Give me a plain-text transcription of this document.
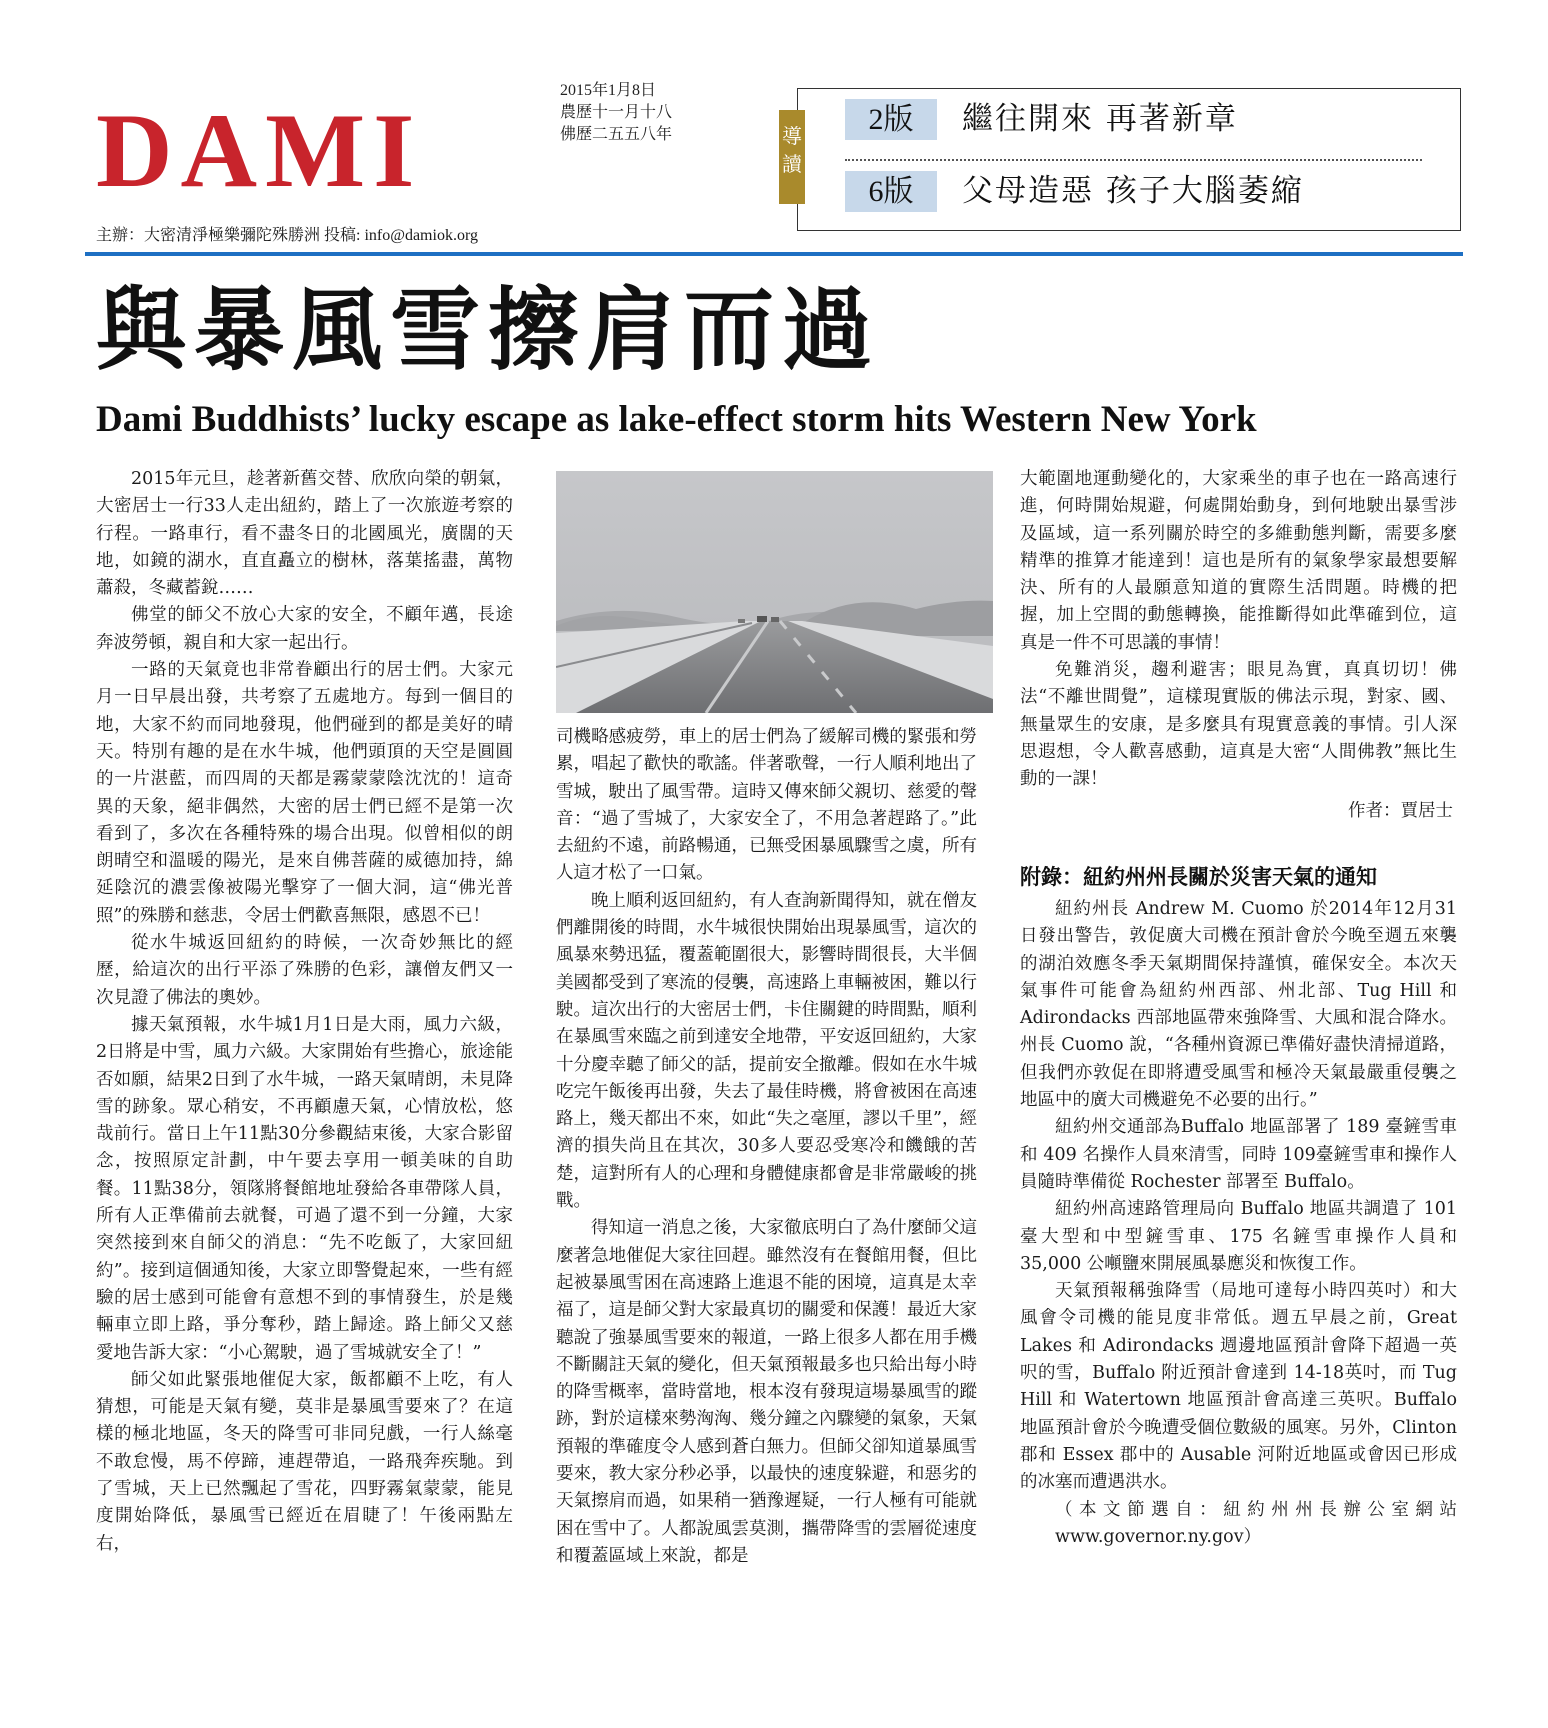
DAMI
2015年1月8日
農歷十一月十八
佛歷二五五八年

主辦：大密清淨極樂彌陀殊勝洲 投稿: info@damiok.org

導
讀
2版	繼往開來 再著新章
6版	父母造惡 孩子大腦萎縮
與暴風雪擦肩而過
Dami Buddhists’ lucky escape as lake-effect storm hits Western New York

2015年元旦，趁著新舊交替、欣欣向榮的朝氣，大密居士一行33人走出紐約，踏上了一次旅遊考察的行程。一路車行，看不盡冬日的北國風光，廣闊的天地，如鏡的湖水，直直矗立的樹林，落葉搖盡，萬物蕭殺，冬藏蓄銳……

佛堂的師父不放心大家的安全，不顧年邁，長途奔波勞頓，親自和大家一起出行。

一路的天氣竟也非常眷顧出行的居士們。大家元月一日早晨出發，共考察了五處地方。每到一個目的地，大家不約而同地發現，他們碰到的都是美好的晴天。特別有趣的是在水牛城，他們頭頂的天空是圓圓的一片湛藍，而四周的天都是霧蒙蒙陰沈沈的！這奇異的天象，絕非偶然，大密的居士們已經不是第一次看到了，多次在各種特殊的場合出現。似曾相似的朗朗晴空和溫暖的陽光，是來自佛菩薩的威德加持，綿延陰沉的濃雲像被陽光擊穿了一個大洞，這“佛光普照”的殊勝和慈悲，令居士們歡喜無限，感恩不已！

從水牛城返回紐約的時候，一次奇妙無比的經歷，給這次的出行平添了殊勝的色彩，讓僧友們又一次見證了佛法的奧妙。

據天氣預報，水牛城1月1日是大雨，風力六級，2日將是中雪，風力六級。大家開始有些擔心，旅途能否如願，結果2日到了水牛城，一路天氣晴朗，未見降雪的跡象。眾心稍安，不再顧慮天氣，心情放松，悠哉前行。當日上午11點30分參觀結束後，大家合影留念，按照原定計劃，中午要去享用一頓美味的自助餐。11點38分，領隊將餐館地址發給各車帶隊人員，所有人正準備前去就餐，可過了還不到一分鐘，大家突然接到來自師父的消息：“先不吃飯了，大家回紐約”。接到這個通知後，大家立即警覺起來，一些有經驗的居士感到可能會有意想不到的事情發生，於是幾輛車立即上路，爭分奪秒，踏上歸途。路上師父又慈愛地告訴大家：“小心駕駛，過了雪城就安全了！”

師父如此緊張地催促大家，飯都顧不上吃，有人猜想，可能是天氣有變，莫非是暴風雪要來了？在這樣的極北地區，冬天的降雪可非同兒戲，一行人絲毫不敢怠慢，馬不停蹄，連趕帶追，一路飛奔疾馳。到了雪城，天上已然飄起了雪花，四野霧氣蒙蒙，能見度開始降低，暴風雪已經近在眉睫了！午後兩點左右，

司機略感疲勞，車上的居士們為了緩解司機的緊張和勞累，唱起了歡快的歌謠。伴著歌聲，一行人順利地出了雪城，駛出了風雪帶。這時又傳來師父親切、慈愛的聲音：“過了雪城了，大家安全了，不用急著趕路了。”此去紐約不遠，前路暢通，已無受困暴風驟雪之虞，所有人這才松了一口氣。

晚上順利返回紐約，有人查詢新聞得知，就在僧友們離開後的時間，水牛城很快開始出現暴風雪，這次的風暴來勢迅猛，覆蓋範圍很大，影響時間很長，大半個美國都受到了寒流的侵襲，高速路上車輛被困，難以行駛。這次出行的大密居士們，卡住關鍵的時間點，順利在暴風雪來臨之前到達安全地帶，平安返回紐約，大家十分慶幸聽了師父的話，提前安全撤離。假如在水牛城吃完午飯後再出發，失去了最佳時機，將會被困在高速路上，幾天都出不來，如此“失之毫厘，謬以千里”，經濟的損失尚且在其次，30多人要忍受寒冷和饑餓的苦楚，這對所有人的心理和身體健康都會是非常嚴峻的挑戰。

得知這一消息之後，大家徹底明白了為什麼師父這麼著急地催促大家往回趕。雖然沒有在餐館用餐，但比起被暴風雪困在高速路上進退不能的困境，這真是太幸福了，這是師父對大家最真切的關愛和保護！最近大家聽說了強暴風雪要來的報道，一路上很多人都在用手機不斷關註天氣的變化，但天氣預報最多也只給出每小時的降雪概率，當時當地，根本沒有發現這場暴風雪的蹤跡，對於這樣來勢洶洶、幾分鐘之內驟變的氣象，天氣預報的準確度令人感到蒼白無力。但師父卻知道暴風雪要來，教大家分秒必爭，以最快的速度躲避，和惡劣的天氣擦肩而過，如果稍一猶豫遲疑，一行人極有可能就困在雪中了。人都說風雲莫測，攜帶降雪的雲層從速度和覆蓋區域上來說，都是

大範圍地運動變化的，大家乘坐的車子也在一路高速行進，何時開始規避，何處開始動身，到何地駛出暴雪涉及區域，這一系列關於時空的多維動態判斷，需要多麼精準的推算才能達到！這也是所有的氣象學家最想要解決、所有的人最願意知道的實際生活問題。時機的把握，加上空間的動態轉換，能推斷得如此準確到位，這真是一件不可思議的事情！

免難消災，趨利避害；眼見為實，真真切切！佛法“不離世間覺”，這樣現實版的佛法示現，對家、國、無量眾生的安康，是多麼具有現實意義的事情。引人深思遐想，令人歡喜感動，這真是大密“人間佛教”無比生動的一課！

作者：賈居士

附錄：紐約州州長關於災害天氣的通知

紐約州長 Andrew M. Cuomo 於2014年12月31日發出警告，敦促廣大司機在預計會於今晚至週五來襲的湖泊效應冬季天氣期間保持謹慎，確保安全。本次天氣事件可能會為紐約州西部、州北部、Tug Hill 和 Adirondacks 西部地區帶來強降雪、大風和混合降水。州長 Cuomo 說，“各種州資源已準備好盡快清掃道路，但我們亦敦促在即將遭受風雪和極冷天氣最嚴重侵襲之地區中的廣大司機避免不必要的出行。”

紐約州交通部為Buffalo 地區部署了 189 臺鏟雪車和 409 名操作人員來清雪，同時 109臺鏟雪車和操作人員隨時準備從 Rochester 部署至 Buffalo。

紐約州高速路管理局向 Buffalo 地區共調遣了 101 臺大型和中型鏟雪車、175 名鏟雪車操作人員和 35,000 公噸鹽來開展風暴應災和恢復工作。

天氣預報稱強降雪（局地可達每小時四英吋）和大風會令司機的能見度非常低。週五早晨之前，Great Lakes 和 Adirondacks 週邊地區預計會降下超過一英呎的雪，Buffalo 附近預計會達到 14-18英吋，而 Tug Hill 和 Watertown 地區預計會高達三英呎。Buffalo 地區預計會於今晚遭受個位數級的風寒。另外，Clinton 郡和 Essex 郡中的 Ausable 河附近地區或會因已形成的冰塞而遭遇洪水。

（本文節選自：紐約州州長辦公室網站 www.governor.ny.gov）
